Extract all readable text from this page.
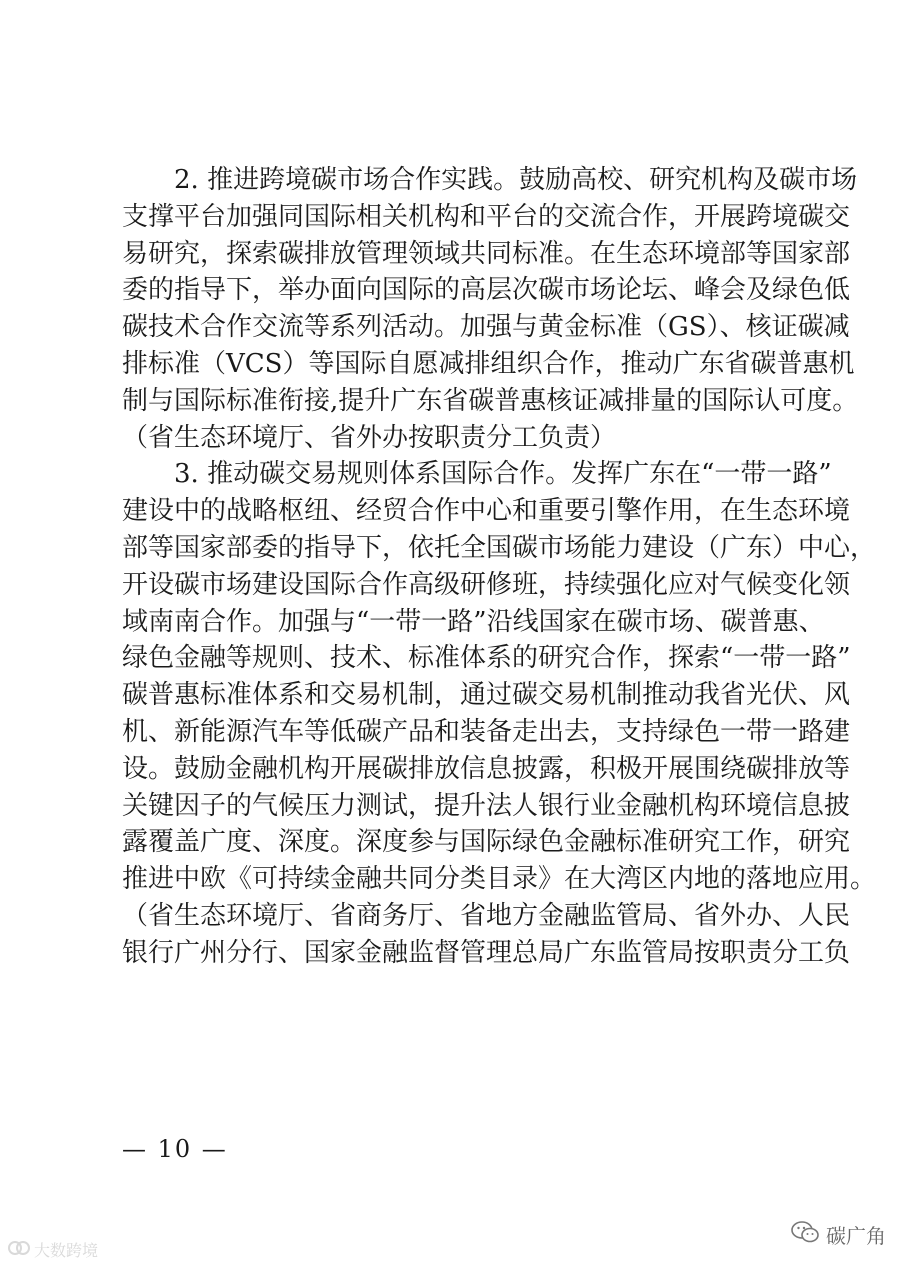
2. 推进跨境碳市场合作实践。鼓励高校、研究机构及碳市场
支撑平台加强同国际相关机构和平台的交流合作，开展跨境碳交
易研究，探索碳排放管理领域共同标准。在生态环境部等国家部
委的指导下，举办面向国际的高层次碳市场论坛、峰会及绿色低
碳技术合作交流等系列活动。加强与黄金标准（GS）、核证碳减
排标准（VCS）等国际自愿减排组织合作，推动广东省碳普惠机
制与国际标准衔接,提升广东省碳普惠核证减排量的国际认可度。
（省生态环境厅、省外办按职责分工负责）
3. 推动碳交易规则体系国际合作。发挥广东在“一带一路”
建设中的战略枢纽、经贸合作中心和重要引擎作用，在生态环境
部等国家部委的指导下，依托全国碳市场能力建设（广东）中心，
开设碳市场建设国际合作高级研修班，持续强化应对气候变化领
域南南合作。加强与“一带一路”沿线国家在碳市场、碳普惠、
绿色金融等规则、技术、标准体系的研究合作，探索“一带一路”
碳普惠标准体系和交易机制，通过碳交易机制推动我省光伏、风
机、新能源汽车等低碳产品和装备走出去，支持绿色一带一路建
设。鼓励金融机构开展碳排放信息披露，积极开展围绕碳排放等
关键因子的气候压力测试，提升法人银行业金融机构环境信息披
露覆盖广度、深度。深度参与国际绿色金融标准研究工作，研究
推进中欧《可持续金融共同分类目录》在大湾区内地的落地应用。
（省生态环境厅、省商务厅、省地方金融监管局、省外办、人民
银行广州分行、国家金融监督管理总局广东监管局按职责分工负
— 10 —
大数跨境
碳广角
